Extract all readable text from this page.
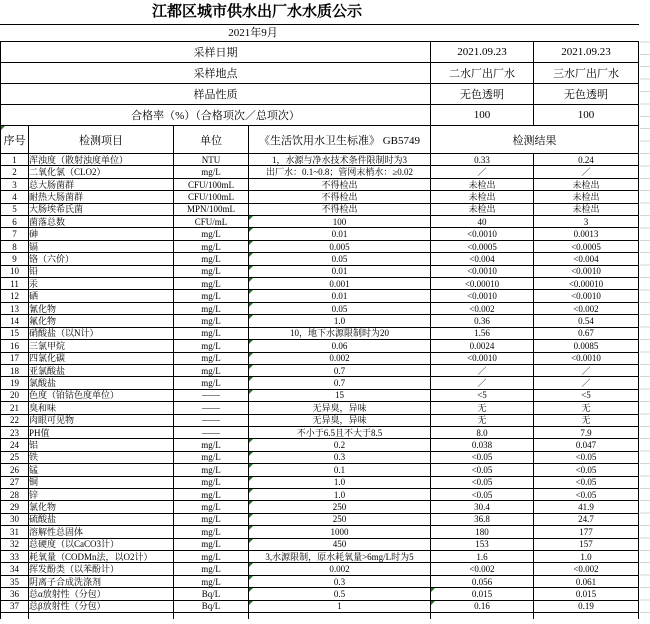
江都区城市供水出厂水水质公示
2021年9月
采样日期				2021.09.23	2021.09.23
采样地点				二水厂出厂水	三水厂出厂水
样品性质				无色透明	无色透明
合格率（%）（合格项次／总项次）				100	100

序号	检测项目	单位	《生活饮用水卫生标准》 GB5749	检测结果	
1	浑浊度（散射浊度单位）	NTU	1，水源与净水技术条件限制时为3	0.33	0.24
2	二氧化氯（CLO2）	mg/L	出厂水：0.1~0.8；管网末梢水：≥0.02	／	／
3	总大肠菌群	CFU/100mL	不得检出	未检出	未检出
4	耐热大肠菌群	CFU/100mL	不得检出	未检出	未检出
5	大肠埃希氏菌	MPN/100mL	不得检出	未检出	未检出
6	菌落总数	CFU/mL	100	40	3
7	砷	mg/L	0.01	<0.0010	0.0013
8	镉	mg/L	0.005	<0.0005	<0.0005
9	铬（六价）	mg/L	0.05	<0.004	<0.004
10	铅	mg/L	0.01	<0.0010	<0.0010
11	汞	mg/L	0.001	<0.00010	<0.00010
12	硒	mg/L	0.01	<0.0010	<0.0010
13	氰化物	mg/L	0.05	<0.002	<0.002
14	氟化物	mg/L	1.0	0.36	0.54
15	硝酸盐（以N计）	mg/L	10，地下水源限制时为20	1.56	0.67
16	三氯甲烷	mg/L	0.06	0.0024	0.0085
17	四氯化碳	mg/L	0.002	<0.0010	<0.0010
18	亚氯酸盐	mg/L	0.7	／	／
19	氯酸盐	mg/L	0.7	／	／
20	色度（铂钴色度单位）	——	15	<5	<5
21	臭和味	——	无异臭，异味	无	无
22	肉眼可见物	——	无异臭，异味	无	无
23	PH值	——	不小于6.5且不大于8.5	8.0	7.9
24	铝	mg/L	0.2	0.038	0.047
25	铁	mg/L	0.3	<0.05	<0.05
26	锰	mg/L	0.1	<0.05	<0.05
27	铜	mg/L	1.0	<0.05	<0.05
28	锌	mg/L	1.0	<0.05	<0.05
29	氯化物	mg/L	250	30.4	41.9
30	硫酸盐	mg/L	250	36.8	24.7
31	溶解性总固体	mg/L	1000	180	177
32	总硬度（以CaCO3计）	mg/L	450	153	157
33	耗氧量（CODMn法，以O2计）	mg/L	3,水源限制，原水耗氧量>6mg/L时为5	1.6	1.0
34	挥发酚类（以苯酚计）	mg/L	0.002	<0.002	<0.002
35	阴离子合成洗涤剂	mg/L	0.3	0.056	0.061
36	总α放射性（分包）	Bq/L	0.5	0.015	0.015
37	总β放射性（分包）	Bq/L	1	0.16	0.19
